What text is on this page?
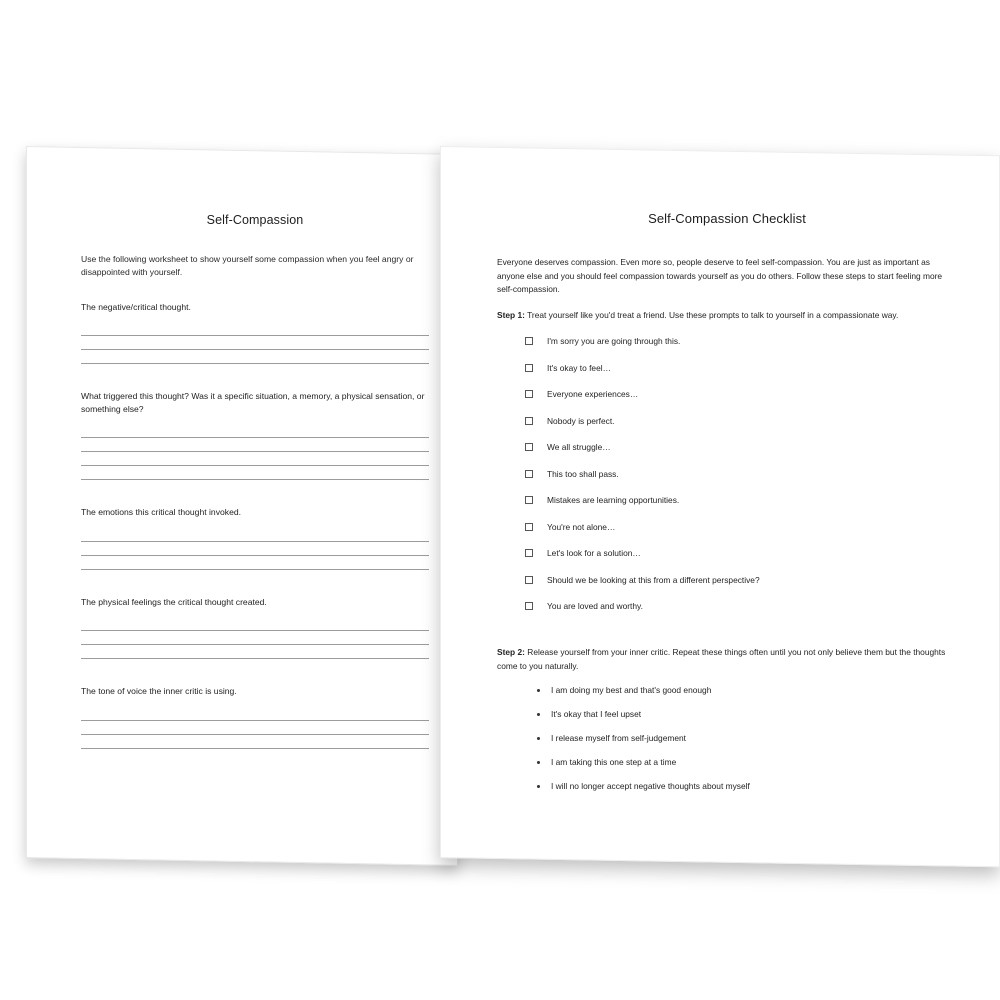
Self-Compassion
Use the following worksheet to show yourself some compassion when you feel angry or disappointed with yourself.

The negative/critical thought.

What triggered this thought? Was it a specific situation, a memory, a physical sensation, or something else?

The emotions this critical thought invoked.

The physical feelings the critical thought created.

The tone of voice the inner critic is using.

Self-Compassion Checklist

Everyone deserves compassion. Even more so, people deserve to feel self-compassion. You are just as important as anyone else and you should feel compassion towards yourself as you do others. Follow these steps to start feeling more self-compassion.

Step 1: Treat yourself like you'd treat a friend. Use these prompts to talk to yourself in a compassionate way.

I'm sorry you are going through this.
It's okay to feel…
Everyone experiences…
Nobody is perfect.
We all struggle…
This too shall pass.
Mistakes are learning opportunities.
You're not alone…
Let's look for a solution…
Should we be looking at this from a different perspective?
You are loved and worthy.

Step 2: Release yourself from your inner critic. Repeat these things often until you not only believe them but the thoughts come to you naturally.

I am doing my best and that's good enough
It's okay that I feel upset
I release myself from self-judgement
I am taking this one step at a time
I will no longer accept negative thoughts about myself
